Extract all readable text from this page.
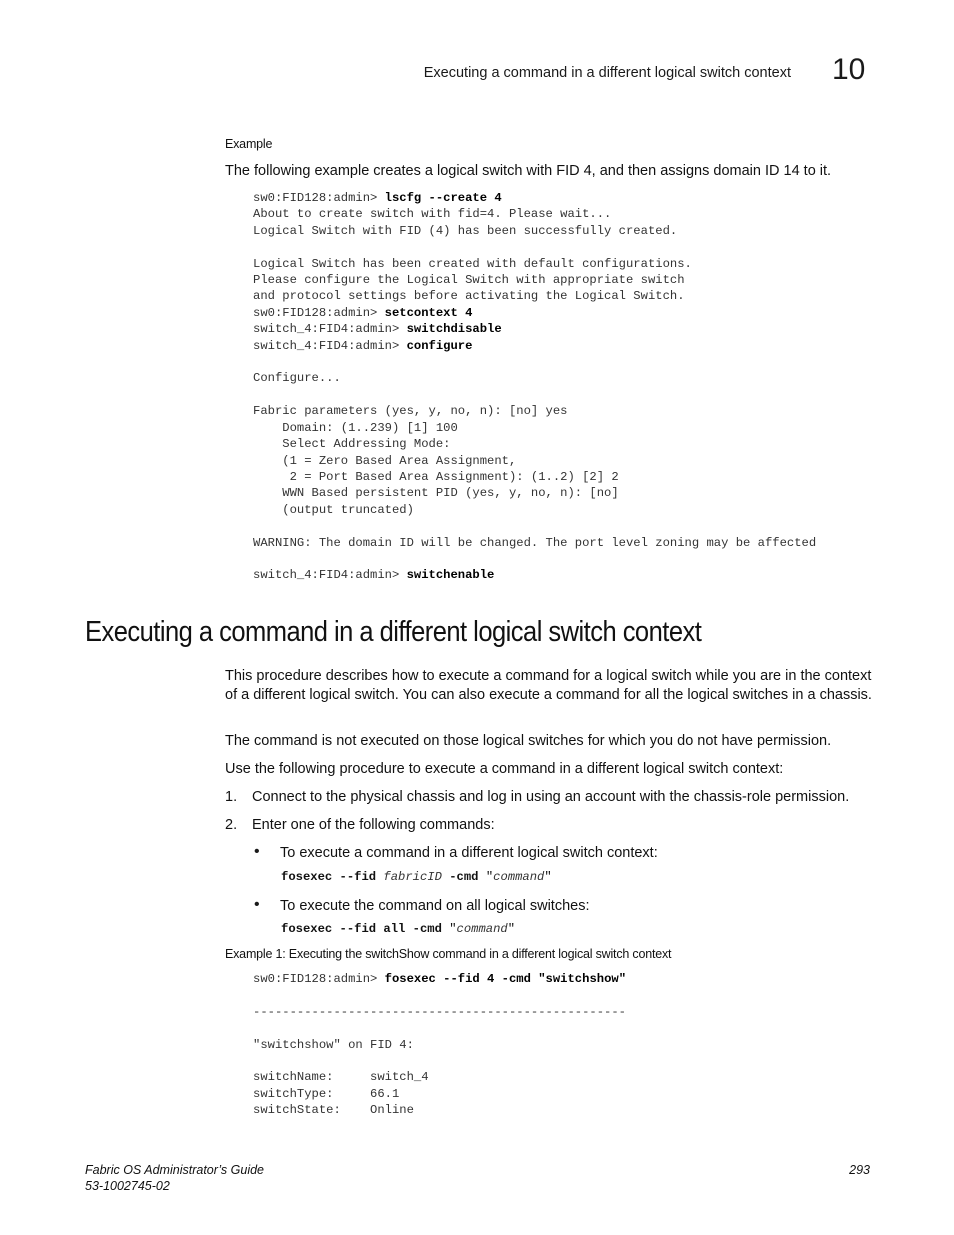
Executing a command in a different logical switch context 10
Example
The following example creates a logical switch with FID 4, and then assigns domain ID 14 to it.
sw0:FID128:admin> lscfg --create 4
About to create switch with fid=4. Please wait...
Logical Switch with FID (4) has been successfully created.

Logical Switch has been created with default configurations.
Please configure the Logical Switch with appropriate switch
and protocol settings before activating the Logical Switch.
sw0:FID128:admin> setcontext 4
switch_4:FID4:admin> switchdisable
switch_4:FID4:admin> configure

Configure...

Fabric parameters (yes, y, no, n): [no] yes
Domain: (1..239) [1] 100
Select Addressing Mode:
(1 = Zero Based Area Assignment,
2 = Port Based Area Assignment): (1..2) [2] 2
WWN Based persistent PID (yes, y, no, n): [no]
(output truncated)

WARNING: The domain ID will be changed. The port level zoning may be affected

switch_4:FID4:admin> switchenable
Executing a command in a different logical switch context
This procedure describes how to execute a command for a logical switch while you are in the context of a different logical switch. You can also execute a command for all the logical switches in a chassis.
The command is not executed on those logical switches for which you do not have permission.
Use the following procedure to execute a command in a different logical switch context:
1. Connect to the physical chassis and log in using an account with the chassis-role permission.
2. Enter one of the following commands:
• To execute a command in a different logical switch context:
fosexec --fid fabricID -cmd "command"
• To execute the command on all logical switches:
fosexec --fid all -cmd "command"
Example 1: Executing the switchShow command in a different logical switch context
sw0:FID128:admin> fosexec --fid 4 -cmd "switchshow"

---------------------------------------------------

"switchshow" on FID 4:

switchName:     switch_4
switchType:     66.1
switchState:    Online
Fabric OS Administrator’s Guide
53-1002745-02
293
